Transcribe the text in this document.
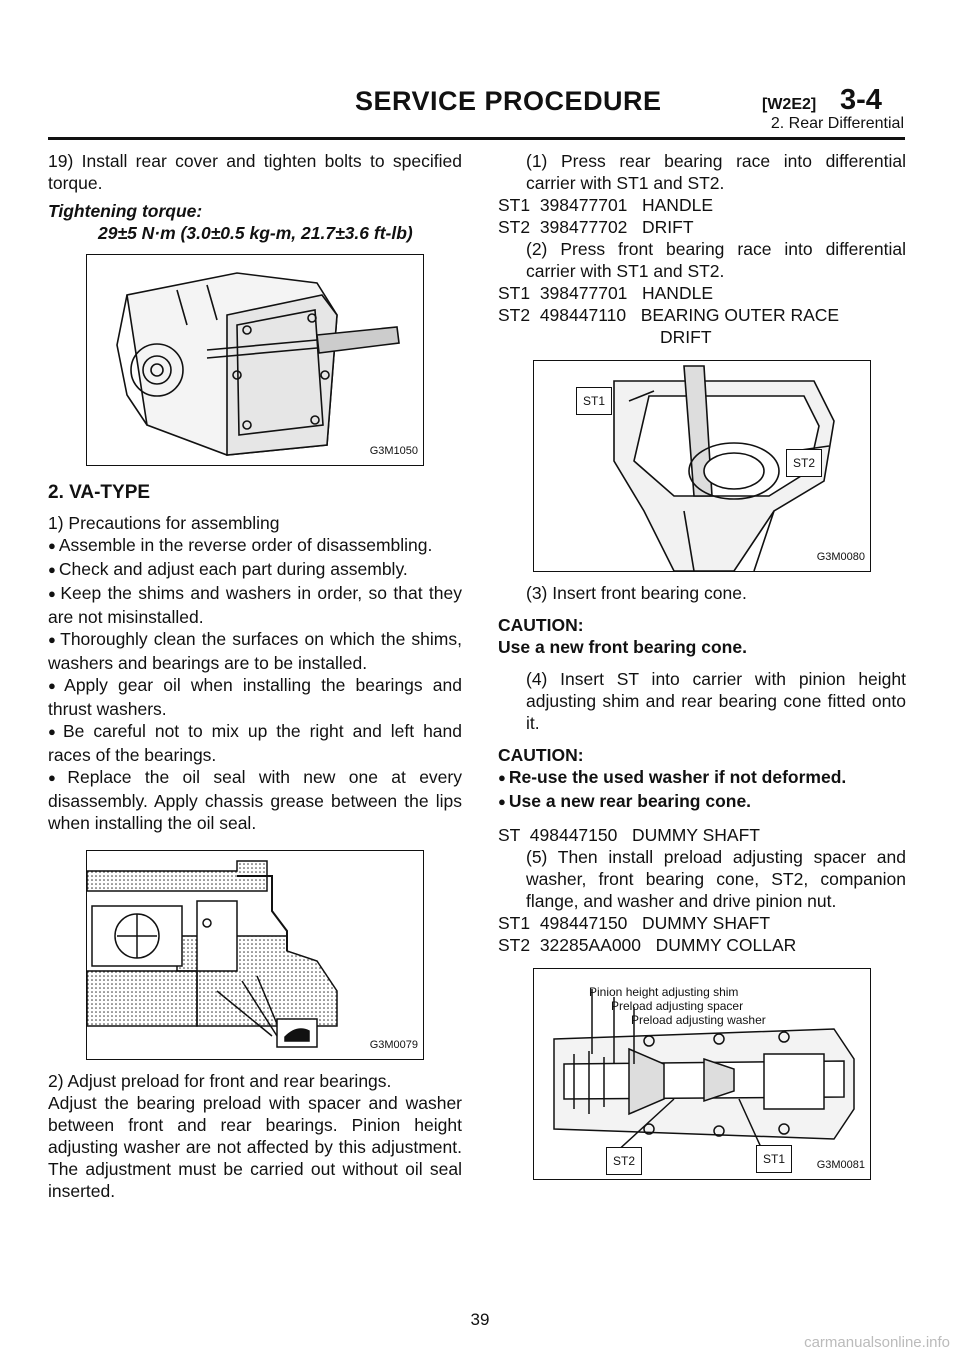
SERVICE PROCEDURE	[W2E2] 3-4
2. Rear Differential
19) Install rear cover and tighten bolts to specified torque.
Tightening torque:
29±5 N·m (3.0±0.5 kg-m, 21.7±3.6 ft-lb)
G3M1050
2. VA-TYPE
1) Precautions for assembling
● Assemble in the reverse order of disassembling.
● Check and adjust each part during assembly.
● Keep the shims and washers in order, so that they are not misinstalled.
● Thoroughly clean the surfaces on which the shims, washers and bearings are to be installed.
● Apply gear oil when installing the bearings and thrust washers.
● Be careful not to mix up the right and left hand races of the bearings.
● Replace the oil seal with new one at every disassembly. Apply chassis grease between the lips when installing the oil seal.
G3M0079
2) Adjust preload for front and rear bearings.
Adjust the bearing preload with spacer and washer between front and rear bearings. Pinion height adjusting washer are not affected by this adjustment. The adjustment must be carried out without oil seal inserted.
(1) Press rear bearing race into differential carrier with ST1 and ST2.
ST1  398477701   HANDLE
ST2  398477702   DRIFT
(2) Press front bearing race into differential carrier with ST1 and ST2.
ST1  398477701   HANDLE
ST2  498447110   BEARING OUTER RACE
DRIFT
ST1
ST2
G3M0080
(3) Insert front bearing cone.
CAUTION:
Use a new front bearing cone.
(4) Insert ST into carrier with pinion height adjusting shim and rear bearing cone fitted onto it.
CAUTION:
● Re-use the used washer if not deformed.
● Use a new rear bearing cone.
ST  498447150   DUMMY SHAFT
(5) Then install preload adjusting spacer and washer, front bearing cone, ST2, companion flange, and washer and drive pinion nut.
ST1  498447150   DUMMY SHAFT
ST2  32285AA000   DUMMY COLLAR
Pinion height adjusting shim
Preload adjusting spacer
Preload adjusting washer
ST2	ST1	G3M0081
39
carmanualsonline.info
